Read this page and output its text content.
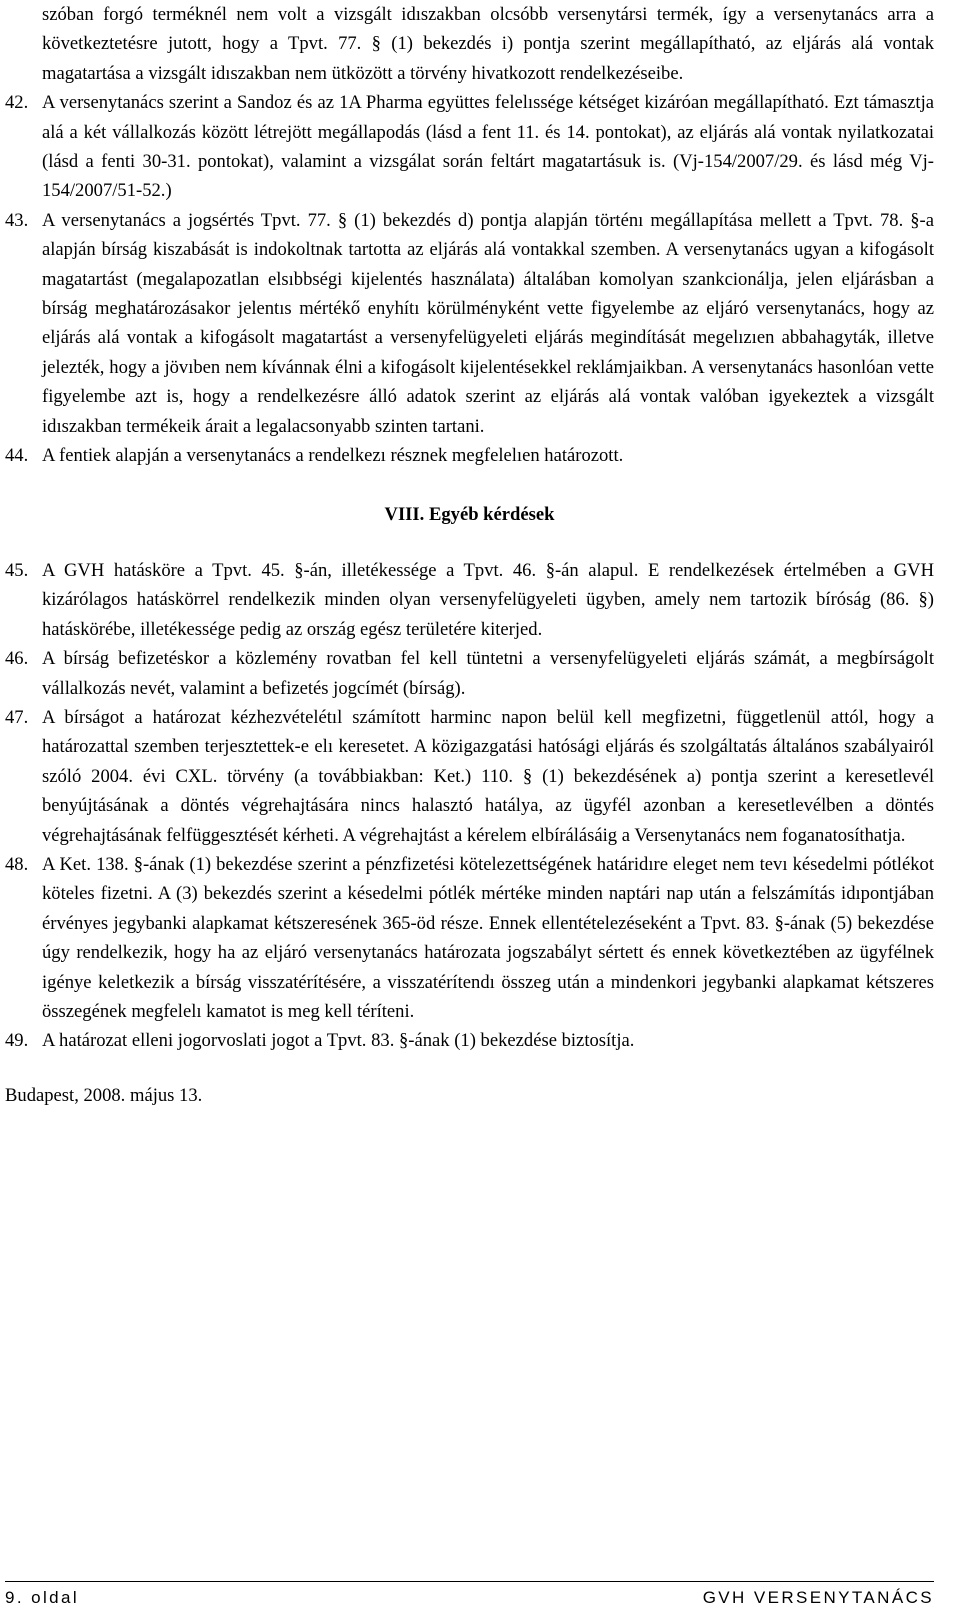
szóban forgó terméknél nem volt a vizsgált idıszakban olcsóbb versenytársi termék, így a versenytanács arra a következtetésre jutott, hogy a Tpvt. 77. § (1) bekezdés i) pontja szerint megállapítható, az eljárás alá vontak magatartása a vizsgált idıszakban nem ütközött a törvény hivatkozott rendelkezéseibe.

42. A versenytanács szerint a Sandoz és az 1A Pharma együttes felelıssége kétséget kizáróan megállapítható. Ezt támasztja alá a két vállalkozás között létrejött megállapodás (lásd a fent 11. és 14. pontokat), az eljárás alá vontak nyilatkozatai (lásd a fenti 30-31. pontokat), valamint a vizsgálat során feltárt magatartásuk is. (Vj-154/2007/29. és lásd még Vj-154/2007/51-52.)
43. A versenytanács a jogsértés Tpvt. 77. § (1) bekezdés d) pontja alapján történı megállapítása mellett a Tpvt. 78. §-a alapján bírság kiszabását is indokoltnak tartotta az eljárás alá vontakkal szemben. A versenytanács ugyan a kifogásolt magatartást (megalapozatlan elsıbbségi kijelentés használata) általában komolyan szankcionálja, jelen eljárásban a bírság meghatározásakor jelentıs mértékő enyhítı körülményként vette figyelembe az eljáró versenytanács, hogy az eljárás alá vontak a kifogásolt magatartást a versenyfelügyeleti eljárás megindítását megelızıen abbahagyták, illetve jelezték, hogy a jövıben nem kívánnak élni a kifogásolt kijelentésekkel reklámjaikban. A versenytanács hasonlóan vette figyelembe azt is, hogy a rendelkezésre álló adatok szerint az eljárás alá vontak valóban igyekeztek a vizsgált idıszakban termékeik árait a legalacsonyabb szinten tartani.
44. A fentiek alapján a versenytanács a rendelkezı résznek megfelelıen határozott.
VIII. Egyéb kérdések
45. A GVH hatásköre a Tpvt. 45. §-án, illetékessége a Tpvt. 46. §-án alapul. E rendelkezések értelmében a GVH kizárólagos hatáskörrel rendelkezik minden olyan versenyfelügyeleti ügyben, amely nem tartozik bíróság (86. §) hatáskörébe, illetékessége pedig az ország egész területére kiterjed.
46. A bírság befizetéskor a közlemény rovatban fel kell tüntetni a versenyfelügyeleti eljárás számát, a megbírságolt vállalkozás nevét, valamint a befizetés jogcímét (bírság).
47. A bírságot a határozat kézhezvételétıl számított harminc napon belül kell megfizetni, függetlenül attól, hogy a határozattal szemben terjesztettek-e elı keresetet. A közigazgatási hatósági eljárás és szolgáltatás általános szabályairól szóló 2004. évi CXL. törvény (a továbbiakban: Ket.) 110. § (1) bekezdésének a) pontja szerint a keresetlevél benyújtásának a döntés végrehajtására nincs halasztó hatálya, az ügyfél azonban a keresetlevélben a döntés végrehajtásának felfüggesztését kérheti. A végrehajtást a kérelem elbírálásáig a Versenytanács nem foganatosíthatja.
48. A Ket. 138. §-ának (1) bekezdése szerint a pénzfizetési kötelezettségének határidıre eleget nem tevı késedelmi pótlékot köteles fizetni. A (3) bekezdés szerint a késedelmi pótlék mértéke minden naptári nap után a felszámítás idıpontjában érvényes jegybanki alapkamat kétszeresének 365-öd része. Ennek ellentételezéseként a Tpvt. 83. §-ának (5) bekezdése úgy rendelkezik, hogy ha az eljáró versenytanács határozata jogszabályt sértett és ennek következtében az ügyfélnek igénye keletkezik a bírság visszatérítésére, a visszatérítendı összeg után a mindenkori jegybanki alapkamat kétszeres összegének megfelelı kamatot is meg kell téríteni.
49. A határozat elleni jogorvoslati jogot a Tpvt. 83. §-ának (1) bekezdése biztosítja.
Budapest, 2008. május 13.
9. oldal	GVH VERSENYTANÁCS
